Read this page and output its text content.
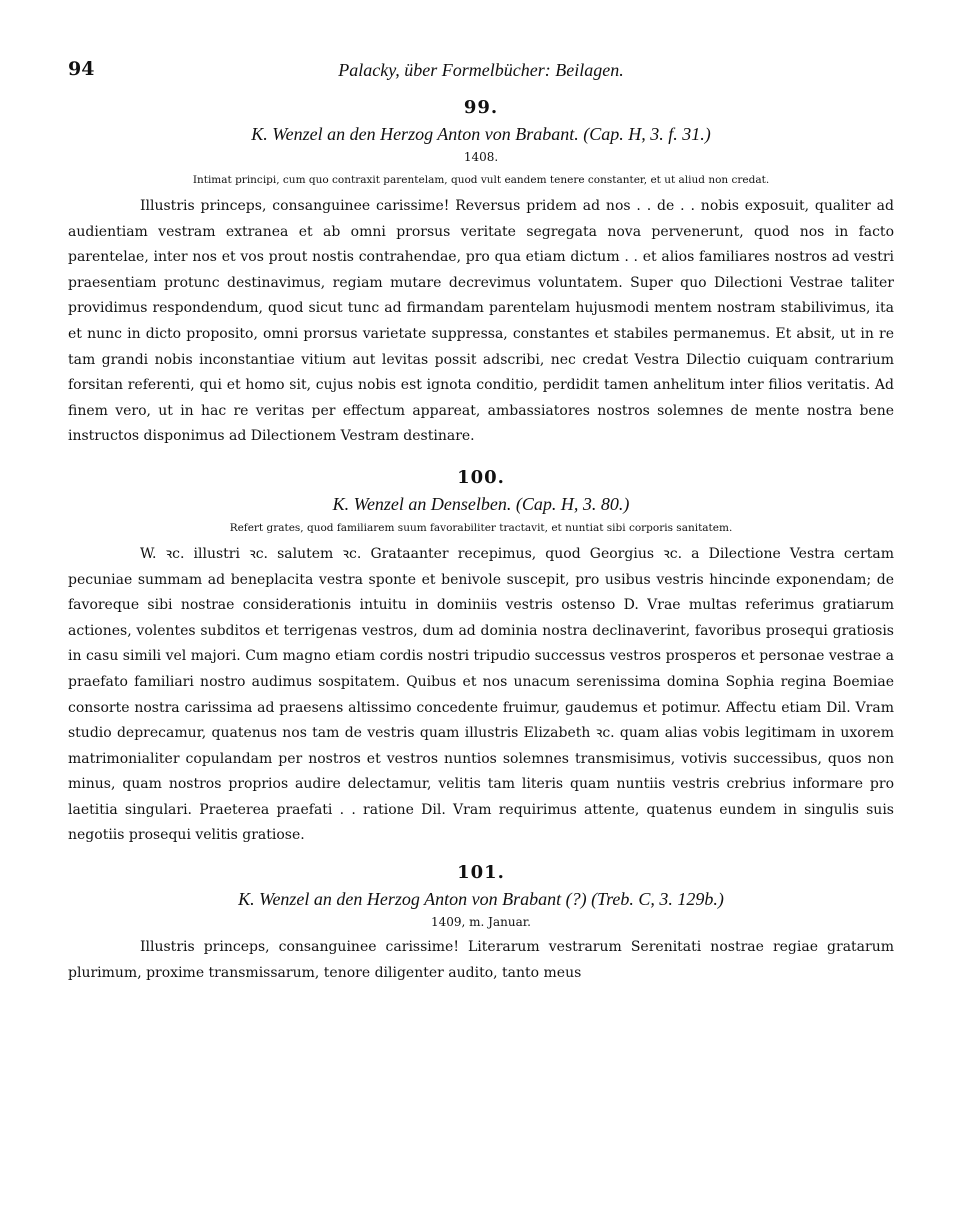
94	Palacky, über Formelbücher: Beilagen.

99.

K. Wenzel an den Herzog Anton von Brabant. (Cap. H, 3. f. 31.)

1408.

Intimat principi, cum quo contraxit parentelam, quod vult eandem tenere constanter, et ut aliud non credat.

Illustris princeps, consanguinee carissime! Reversus pridem ad nos . . de . . nobis exposuit, qualiter ad audientiam vestram extranea et ab omni prorsus veritate segregata nova pervenerunt, quod nos in facto parentelae, inter nos et vos prout nostis contrahendae, pro qua etiam dictum . . et alios familiares nostros ad vestri praesentiam protunc destinavimus, regiam mutare decrevimus voluntatem. Super quo Dilectioni Vestrae taliter providimus respondendum, quod sicut tunc ad firmandam parentelam hujusmodi mentem nostram stabilivimus, ita et nunc in dicto proposito, omni prorsus varietate suppressa, constantes et stabiles permanemus. Et absit, ut in re tam grandi nobis inconstantiae vitium aut levitas possit adscribi, nec credat Vestra Dilectio cuiquam contrarium forsitan referenti, qui et homo sit, cujus nobis est ignota conditio, perdidit tamen anhelitum inter filios veritatis. Ad finem vero, ut in hac re veritas per effectum appareat, ambassiatores nostros solemnes de mente nostra bene instructos disponimus ad Dilectionem Vestram destinare.

100.

K. Wenzel an Denselben. (Cap. H, 3. 80.)

Refert grates, quod familiarem suum favorabiliter tractavit, et nuntiat sibi corporis sanitatem.

W. ꝛc. illustri ꝛc. salutem ꝛc. Grataanter recepimus, quod Georgius ꝛc. a Dilectione Vestra certam pecuniae summam ad beneplacita vestra sponte et benivole suscepit, pro usibus vestris hincinde exponendam; de favoreque sibi nostrae considerationis intuitu in dominiis vestris ostenso D. Vrae multas referimus gratiarum actiones, volentes subditos et terrigenas vestros, dum ad dominia nostra declinaverint, favoribus prosequi gratiosis in casu simili vel majori. Cum magno etiam cordis nostri tripudio successus vestros prosperos et personae vestrae a praefato familiari nostro audimus sospitatem. Quibus et nos unacum serenissima domina Sophia regina Boemiae consorte nostra carissima ad praesens altissimo concedente fruimur, gaudemus et potimur. Affectu etiam Dil. Vram studio deprecamur, quatenus nos tam de vestris quam illustris Elizabeth ꝛc. quam alias vobis legitimam in uxorem matrimonialiter copulandam per nostros et vestros nuntios solemnes transmisimus, votivis successibus, quos non minus, quam nostros proprios audire delectamur, velitis tam literis quam nuntiis vestris crebrius informare pro laetitia singulari. Praeterea praefati . . ratione Dil. Vram requirimus attente, quatenus eundem in singulis suis negotiis prosequi velitis gratiose.

101.

K. Wenzel an den Herzog Anton von Brabant (?) (Treb. C, 3. 129b.)

1409, m. Januar.

Illustris princeps, consanguinee carissime! Literarum vestrarum Serenitati nostrae regiae gratarum plurimum, proxime transmissarum, tenore diligenter audito, tanto meus
